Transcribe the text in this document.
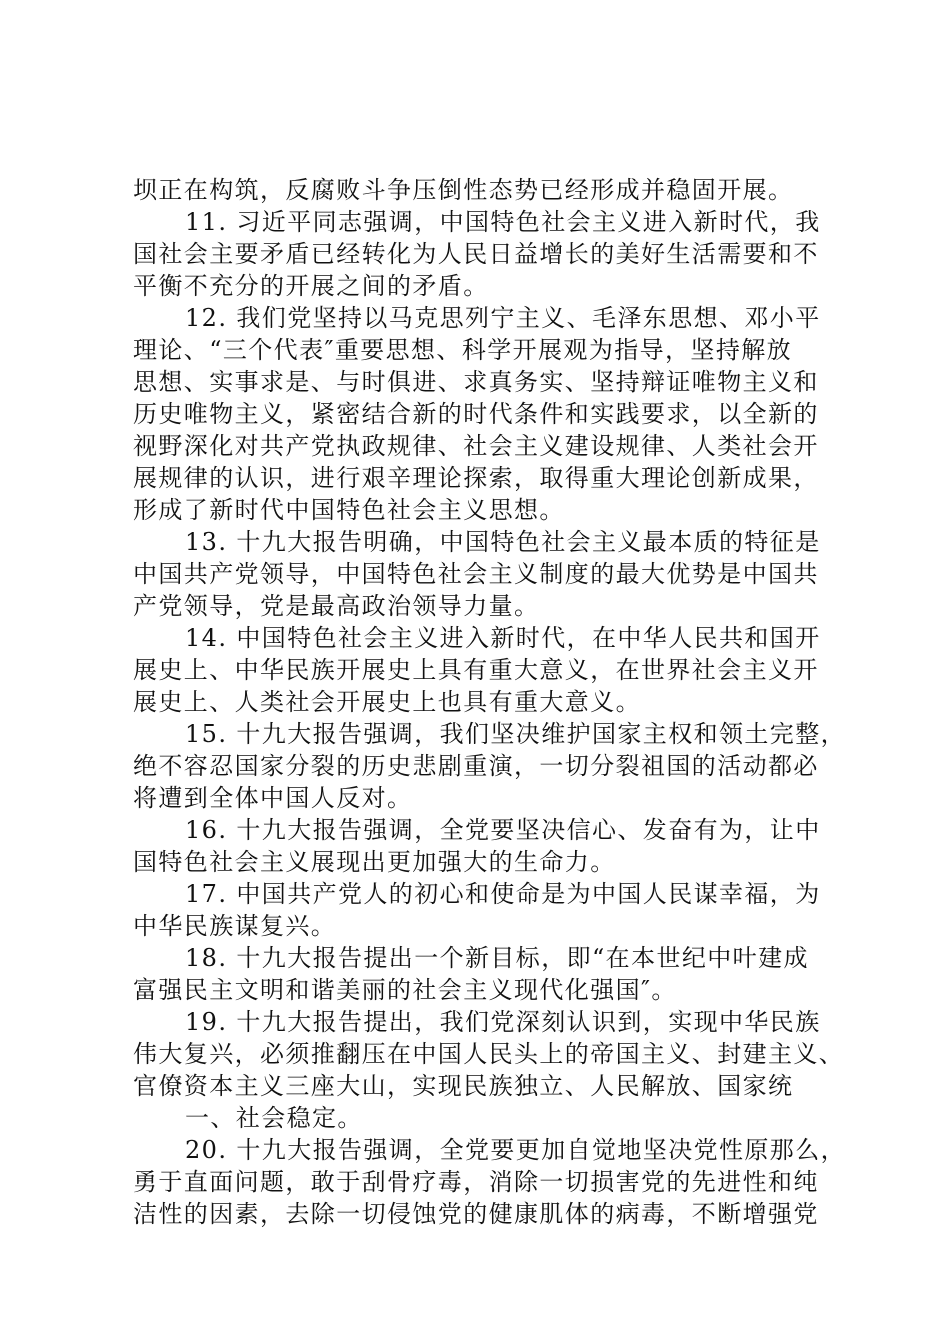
坝正在构筑，反腐败斗争压倒性态势已经形成并稳固开展。
11. 习近平同志强调，中国特色社会主义进入新时代，我
国社会主要矛盾已经转化为人民日益增长的美好生活需要和不
平衡不充分的开展之间的矛盾。
12. 我们党坚持以马克思列宁主义、毛泽东思想、邓小平
理论、“三个代表″重要思想、科学开展观为指导，坚持解放
思想、实事求是、与时俱进、求真务实、坚持辩证唯物主义和
历史唯物主义，紧密结合新的时代条件和实践要求，以全新的
视野深化对共产党执政规律、社会主义建设规律、人类社会开
展规律的认识，进行艰辛理论探索，取得重大理论创新成果，
形成了新时代中国特色社会主义思想。
13. 十九大报告明确，中国特色社会主义最本质的特征是
中国共产党领导，中国特色社会主义制度的最大优势是中国共
产党领导，党是最高政治领导力量。
14. 中国特色社会主义进入新时代，在中华人民共和国开
展史上、中华民族开展史上具有重大意义，在世界社会主义开
展史上、人类社会开展史上也具有重大意义。
15. 十九大报告强调，我们坚决维护国家主权和领土完整，
绝不容忍国家分裂的历史悲剧重演，一切分裂祖国的活动都必
将遭到全体中国人反对。
16. 十九大报告强调，全党要坚决信心、发奋有为，让中
国特色社会主义展现出更加强大的生命力。
17. 中国共产党人的初心和使命是为中国人民谋幸福，为
中华民族谋复兴。
18. 十九大报告提出一个新目标，即“在本世纪中叶建成
富强民主文明和谐美丽的社会主义现代化强国″。
19. 十九大报告提出，我们党深刻认识到，实现中华民族
伟大复兴，必须推翻压在中国人民头上的帝国主义、封建主义、
官僚资本主义三座大山，实现民族独立、人民解放、国家统
一、社会稳定。
20. 十九大报告强调，全党要更加自觉地坚决党性原那么，
勇于直面问题，敢于刮骨疗毒，消除一切损害党的先进性和纯
洁性的因素，去除一切侵蚀党的健康肌体的病毒，不断增强党
